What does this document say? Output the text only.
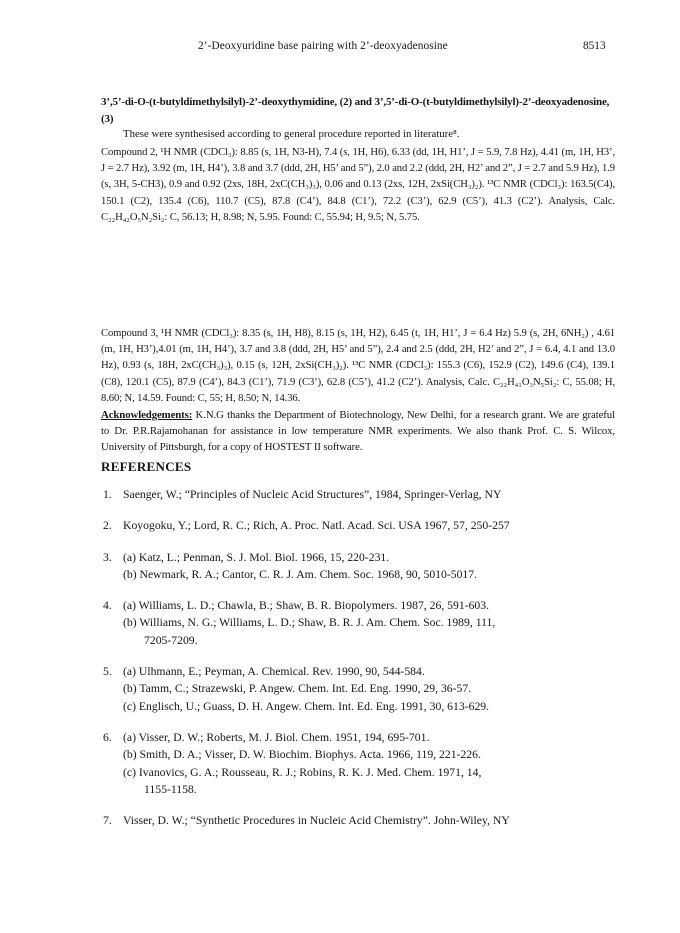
2’-Deoxyuridine base pairing with 2’-deoxyadenosine	8513
3’,5’-di-O-(t-butyldimethylsilyl)-2’-deoxythymidine, (2) and 3’,5’-di-O-(t-butyldimethylsilyl)-2’-deoxyadenosine, (3)
These were synthesised according to general procedure reported in literature⁸.

Compound 2, ¹H NMR (CDCl₃): 8.85 (s, 1H, N3-H), 7.4 (s, 1H, H6), 6.33 (dd, 1H, H1’, J = 5.9, 7.8 Hz), 4.41 (m, 1H, H3’, J = 2.7 Hz), 3.92 (m, 1H, H4’), 3.8 and 3.7 (ddd, 2H, H5’ and 5”), 2.0 and 2.2 (ddd, 2H, H2’ and 2”, J = 2.7 and 5.9 Hz), 1.9 (s, 3H, 5-CH3), 0.9 and 0.92 (2xs, 18H, 2xC(CH₃)₃), 0.06 and 0.13 (2xs, 12H, 2xSi(CH₃)₂). ¹³C NMR (CDCl₃): 163.5(C4), 150.1 (C2), 135.4 (C6), 110.7 (C5), 87.8 (C4’), 84.8 (C1’), 72.2 (C3’), 62.9 (C5’), 41.3 (C2’). Analysis, Calc. C₂₂H₄₂O₅N₂Si₂: C, 56.13; H, 8.98; N, 5.95. Found: C, 55.94; H, 9.5; N, 5.75.

Compound 3, ¹H NMR (CDCl₃): 8.35 (s, 1H, H8), 8.15 (s, 1H, H2), 6.45 (t, 1H, H1’, J = 6.4 Hz) 5.9 (s, 2H, 6NH₂) , 4.61 (m, 1H, H3’),4.01 (m, 1H, H4’), 3.7 and 3.8 (ddd, 2H, H5’ and 5”), 2.4 and 2.5 (ddd, 2H, H2’ and 2”, J = 6.4, 4.1 and 13.0 Hz), 0.93 (s, 18H, 2xC(CH₃)₃), 0.15 (s, 12H, 2xSi(CH₃)₂). ¹³C NMR (CDCl₃): 155.3 (C6), 152.9 (C2), 149.6 (C4), 139.1 (C8), 120.1 (C5), 87.9 (C4’), 84.3 (C1’), 71.9 (C3’), 62.8 (C5’), 41.2 (C2’). Analysis, Calc. C₂₂H₄₁O₃N₅Si₂: C, 55.08; H, 8.60; N, 14.59. Found: C, 55; H, 8.50; N, 14.36.

Acknowledgements: K.N.G thanks the Department of Biotechnology, New Delhi, for a research grant. We are grateful to Dr. P.R.Rajamohanan for assistance in low temperature NMR experiments. We also thank Prof. C. S. Wilcox, University of Pittsburgh, for a copy of HOSTEST II software.
REFERENCES
1. Saenger, W.; “Principles of Nucleic Acid Structures”, 1984, Springer-Verlag, NY
2. Koyogoku, Y.; Lord, R. C.; Rich, A. Proc. Natl. Acad. Sci. USA 1967, 57, 250-257
3. (a) Katz, L.; Penman, S. J. Mol. Biol. 1966, 15, 220-231.
(b) Newmark, R. A.; Cantor, C. R. J. Am. Chem. Soc. 1968, 90, 5010-5017.
4. (a) Williams, L. D.; Chawla, B.; Shaw, B. R. Biopolymers. 1987, 26, 591-603.
(b) Williams, N. G.; Williams, L. D.; Shaw, B. R. J. Am. Chem. Soc. 1989, 111,
7205-7209.
5. (a) Ulhmann, E.; Peyman, A. Chemical. Rev. 1990, 90, 544-584.
(b) Tamm, C.; Strazewski, P. Angew. Chem. Int. Ed. Eng. 1990, 29, 36-57.
(c) Englisch, U.; Guass, D. H. Angew. Chem. Int. Ed. Eng. 1991, 30, 613-629.
6. (a) Visser, D. W.; Roberts, M. J. Biol. Chem. 1951, 194, 695-701.
(b) Smith, D. A.; Visser, D. W. Biochim. Biophys. Acta. 1966, 119, 221-226.
(c) Ivanovics, G. A.; Rousseau, R. J.; Robins, R. K. J. Med. Chem. 1971, 14,
1155-1158.
7. Visser, D. W.; “Synthetic Procedures in Nucleic Acid Chemistry”. John-Wiley, NY
